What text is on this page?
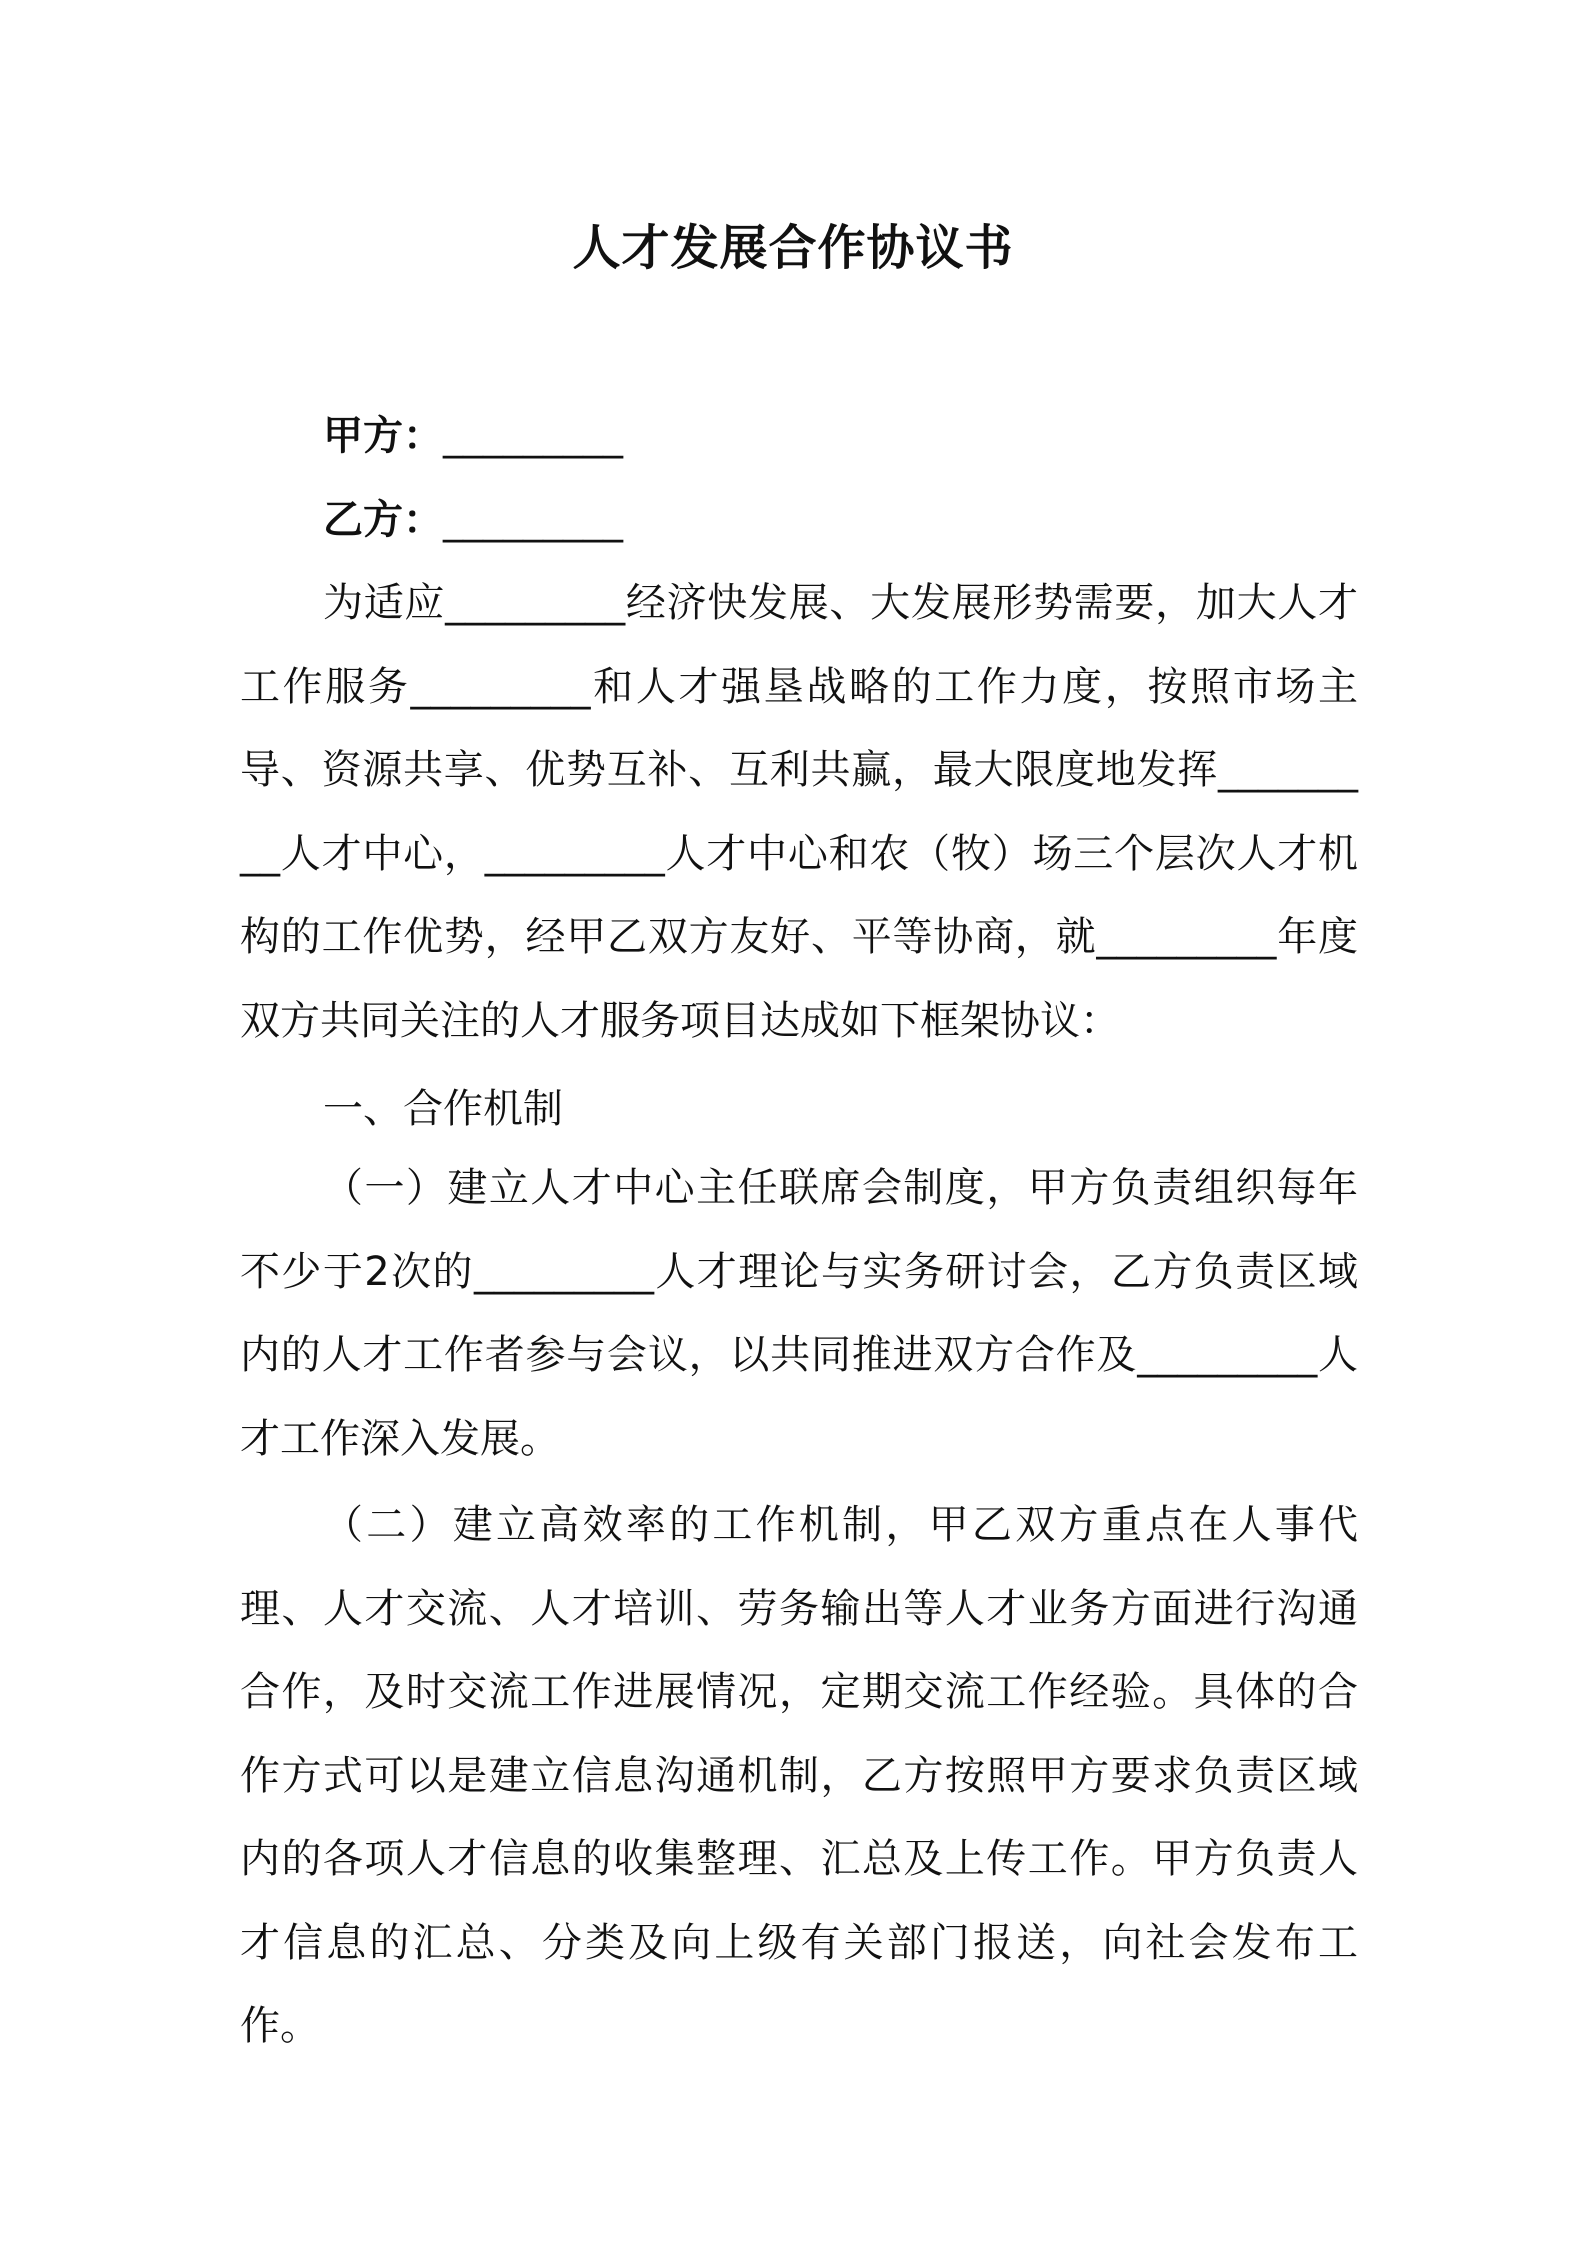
人才发展合作协议书
甲方：_________
乙方：_________

为适应_________经济快发展、大发展形势需要，加大人才工作服务_________和人才强垦战略的工作力度，按照市场主导、资源共享、优势互补、互利共赢，最大限度地发挥_________人才中心，_________人才中心和农（牧）场三个层次人才机构的工作优势，经甲乙双方友好、平等协商，就_________年度双方共同关注的人才服务项目达成如下框架协议：

一、合作机制

（一）建立人才中心主任联席会制度，甲方负责组织每年不少于2次的_________人才理论与实务研讨会，乙方负责区域内的人才工作者参与会议，以共同推进双方合作及_________人才工作深入发展。

（二）建立高效率的工作机制，甲乙双方重点在人事代理、人才交流、人才培训、劳务输出等人才业务方面进行沟通合作，及时交流工作进展情况，定期交流工作经验。具体的合作方式可以是建立信息沟通机制，乙方按照甲方要求负责区域内的各项人才信息的收集整理、汇总及上传工作。甲方负责人才信息的汇总、分类及向上级有关部门报送，向社会发布工作。
